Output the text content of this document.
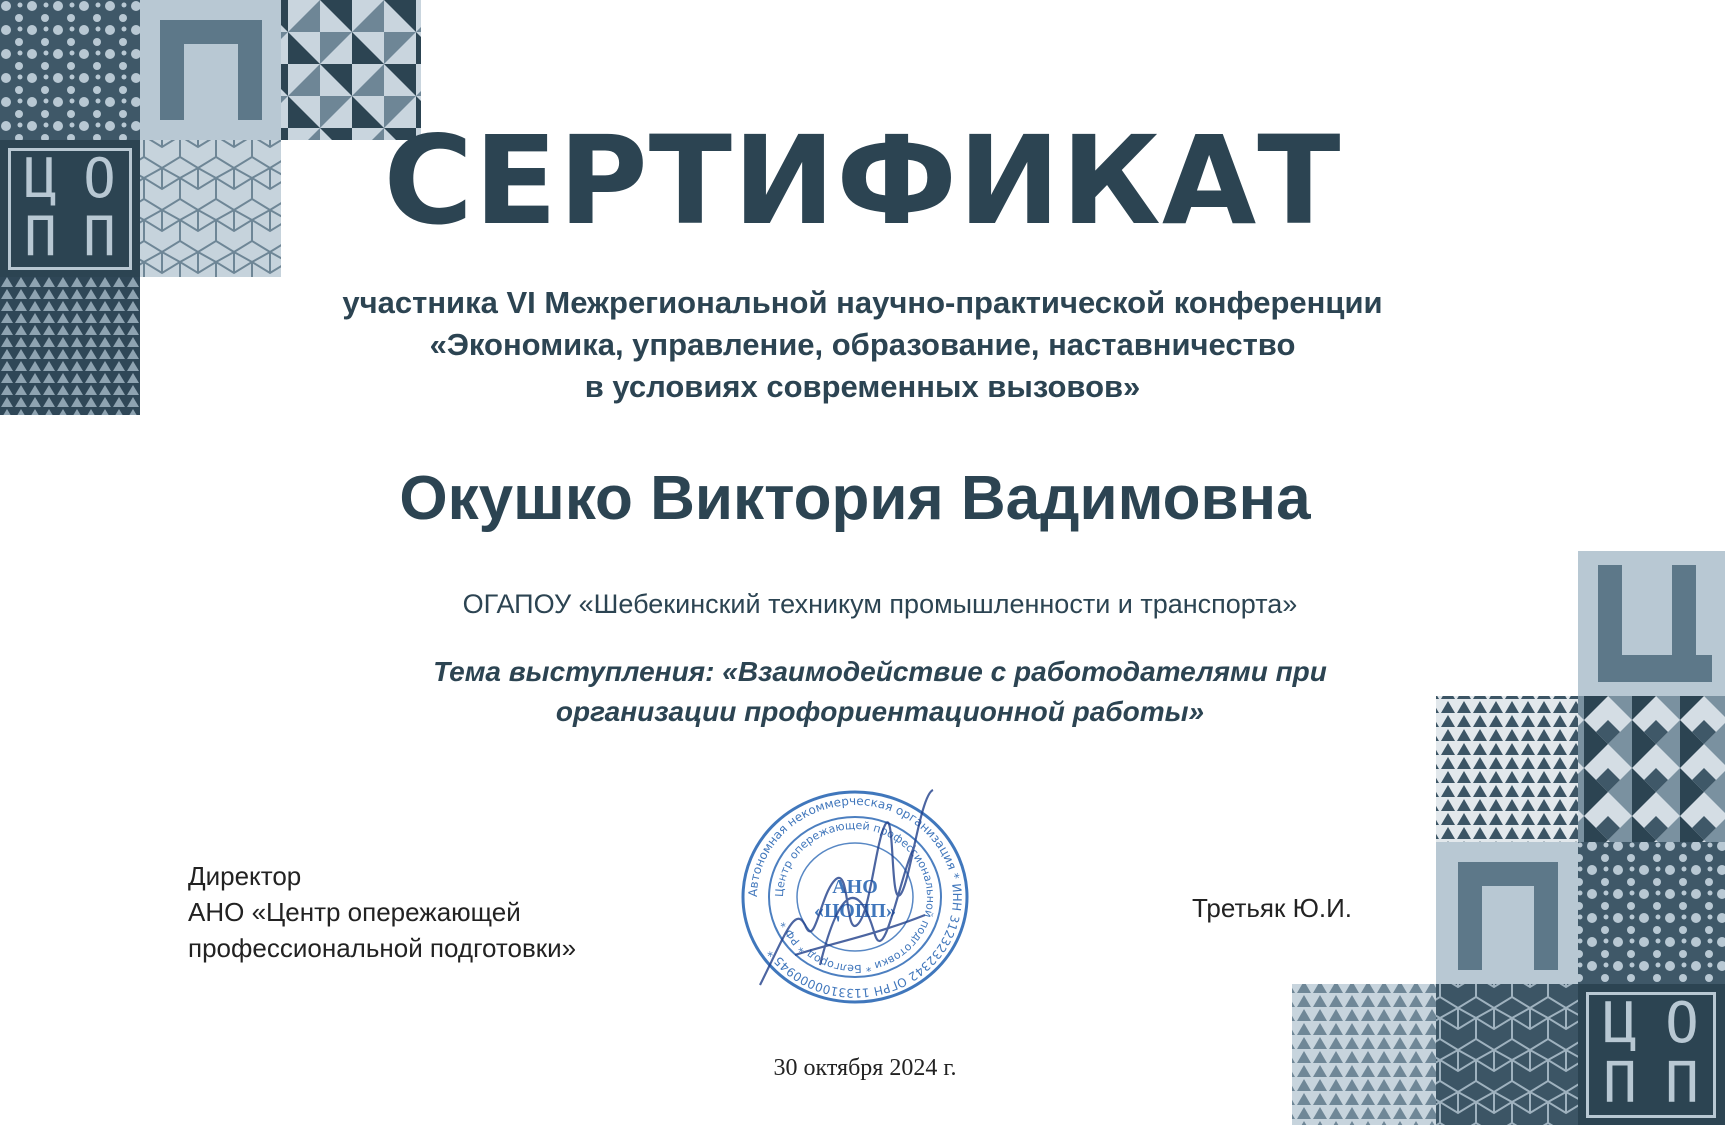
Ц О
П П
Ц О
П П
СЕРТИФИКАТ
участника VI Межрегиональной научно-практической конференции
«Экономика, управление, образование, наставничество
в условиях современных вызовов»
Окушко Виктория Вадимовна
ОГАПОУ «Шебекинский техникум промышленности и транспорта»
Тема выступления: «Взаимодействие с работодателями при
организации профориентационной работы»
Директор
АНО «Центр опережающей
профессиональной подготовки»
Третьяк Ю.И.
Автономная некоммерческая организация * ИНН 3123232342 ОГРН 1133100000945 *
Центр опережающей профессиональной подготовки * Белгород * РФ *
АНО
«ЦОПП»
30 октября 2024 г.
